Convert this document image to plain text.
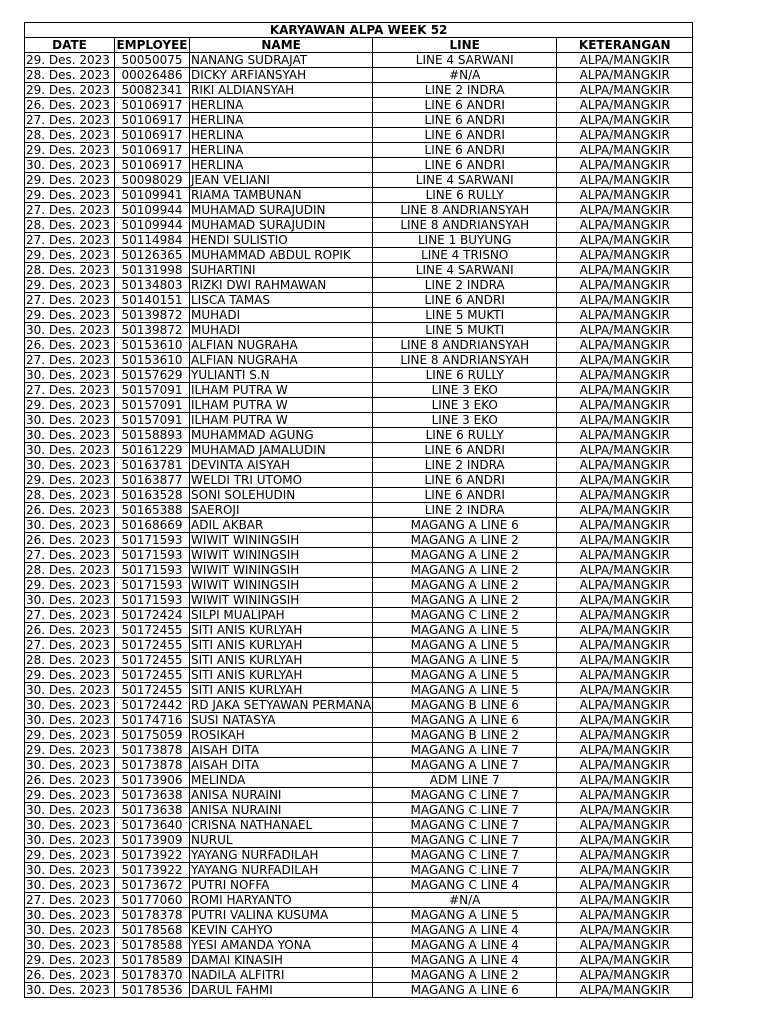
KARYAWAN ALPA WEEK 52				
DATE	EMPLOYEE	NAME	LINE	KETERANGAN
29. Des. 2023	50050075	NANANG SUDRAJAT	LINE 4 SARWANI	ALPA/MANGKIR
28. Des. 2023	00026486	DICKY ARFIANSYAH	#N/A	ALPA/MANGKIR
29. Des. 2023	50082341	RIKI ALDIANSYAH	LINE 2 INDRA	ALPA/MANGKIR
26. Des. 2023	50106917	HERLINA	LINE 6 ANDRI	ALPA/MANGKIR
27. Des. 2023	50106917	HERLINA	LINE 6 ANDRI	ALPA/MANGKIR
28. Des. 2023	50106917	HERLINA	LINE 6 ANDRI	ALPA/MANGKIR
29. Des. 2023	50106917	HERLINA	LINE 6 ANDRI	ALPA/MANGKIR
30. Des. 2023	50106917	HERLINA	LINE 6 ANDRI	ALPA/MANGKIR
29. Des. 2023	50098029	JEAN VELIANI	LINE 4 SARWANI	ALPA/MANGKIR
29. Des. 2023	50109941	RIAMA TAMBUNAN	LINE 6 RULLY	ALPA/MANGKIR
27. Des. 2023	50109944	MUHAMAD SURAJUDIN	LINE 8 ANDRIANSYAH	ALPA/MANGKIR
28. Des. 2023	50109944	MUHAMAD SURAJUDIN	LINE 8 ANDRIANSYAH	ALPA/MANGKIR
27. Des. 2023	50114984	HENDI SULISTIO	LINE 1 BUYUNG	ALPA/MANGKIR
29. Des. 2023	50126365	MUHAMMAD ABDUL ROPIK	LINE 4 TRISNO	ALPA/MANGKIR
28. Des. 2023	50131998	SUHARTINI	LINE 4 SARWANI	ALPA/MANGKIR
29. Des. 2023	50134803	RIZKI DWI RAHMAWAN	LINE 2 INDRA	ALPA/MANGKIR
27. Des. 2023	50140151	LISCA TAMAS	LINE 6 ANDRI	ALPA/MANGKIR
29. Des. 2023	50139872	MUHADI	LINE 5 MUKTI	ALPA/MANGKIR
30. Des. 2023	50139872	MUHADI	LINE 5 MUKTI	ALPA/MANGKIR
26. Des. 2023	50153610	ALFIAN NUGRAHA	LINE 8 ANDRIANSYAH	ALPA/MANGKIR
27. Des. 2023	50153610	ALFIAN NUGRAHA	LINE 8 ANDRIANSYAH	ALPA/MANGKIR
30. Des. 2023	50157629	YULIANTI S.N	LINE 6 RULLY	ALPA/MANGKIR
27. Des. 2023	50157091	ILHAM PUTRA W	LINE 3 EKO	ALPA/MANGKIR
29. Des. 2023	50157091	ILHAM PUTRA W	LINE 3 EKO	ALPA/MANGKIR
30. Des. 2023	50157091	ILHAM PUTRA W	LINE 3 EKO	ALPA/MANGKIR
30. Des. 2023	50158893	MUHAMMAD AGUNG	LINE 6 RULLY	ALPA/MANGKIR
30. Des. 2023	50161229	MUHAMAD JAMALUDIN	LINE 6 ANDRI	ALPA/MANGKIR
30. Des. 2023	50163781	DEVINTA AISYAH	LINE 2 INDRA	ALPA/MANGKIR
29. Des. 2023	50163877	WELDI TRI UTOMO	LINE 6 ANDRI	ALPA/MANGKIR
28. Des. 2023	50163528	SONI SOLEHUDIN	LINE 6 ANDRI	ALPA/MANGKIR
26. Des. 2023	50165388	SAEROJI	LINE 2 INDRA	ALPA/MANGKIR
30. Des. 2023	50168669	ADIL AKBAR	MAGANG A LINE 6	ALPA/MANGKIR
26. Des. 2023	50171593	WIWIT WININGSIH	MAGANG A LINE 2	ALPA/MANGKIR
27. Des. 2023	50171593	WIWIT WININGSIH	MAGANG A LINE 2	ALPA/MANGKIR
28. Des. 2023	50171593	WIWIT WININGSIH	MAGANG A LINE 2	ALPA/MANGKIR
29. Des. 2023	50171593	WIWIT WININGSIH	MAGANG A LINE 2	ALPA/MANGKIR
30. Des. 2023	50171593	WIWIT WININGSIH	MAGANG A LINE 2	ALPA/MANGKIR
27. Des. 2023	50172424	SILPI MUALIPAH	MAGANG C LINE 2	ALPA/MANGKIR
26. Des. 2023	50172455	SITI ANIS KURLYAH	MAGANG A LINE 5	ALPA/MANGKIR
27. Des. 2023	50172455	SITI ANIS KURLYAH	MAGANG A LINE 5	ALPA/MANGKIR
28. Des. 2023	50172455	SITI ANIS KURLYAH	MAGANG A LINE 5	ALPA/MANGKIR
29. Des. 2023	50172455	SITI ANIS KURLYAH	MAGANG A LINE 5	ALPA/MANGKIR
30. Des. 2023	50172455	SITI ANIS KURLYAH	MAGANG A LINE 5	ALPA/MANGKIR
30. Des. 2023	50172442	RD JAKA SETYAWAN PERMANA	MAGANG B LINE 6	ALPA/MANGKIR
30. Des. 2023	50174716	SUSI NATASYA	MAGANG A LINE 6	ALPA/MANGKIR
29. Des. 2023	50175059	ROSIKAH	MAGANG B LINE 2	ALPA/MANGKIR
29. Des. 2023	50173878	AISAH DITA	MAGANG A LINE 7	ALPA/MANGKIR
30. Des. 2023	50173878	AISAH DITA	MAGANG A LINE 7	ALPA/MANGKIR
26. Des. 2023	50173906	MELINDA	ADM LINE 7	ALPA/MANGKIR
29. Des. 2023	50173638	ANISA NURAINI	MAGANG C LINE 7	ALPA/MANGKIR
30. Des. 2023	50173638	ANISA NURAINI	MAGANG C LINE 7	ALPA/MANGKIR
30. Des. 2023	50173640	CRISNA NATHANAEL	MAGANG C LINE 7	ALPA/MANGKIR
30. Des. 2023	50173909	NURUL	MAGANG C LINE 7	ALPA/MANGKIR
29. Des. 2023	50173922	YAYANG NURFADILAH	MAGANG C LINE 7	ALPA/MANGKIR
30. Des. 2023	50173922	YAYANG NURFADILAH	MAGANG C LINE 7	ALPA/MANGKIR
30. Des. 2023	50173672	PUTRI NOFFA	MAGANG C LINE 4	ALPA/MANGKIR
27. Des. 2023	50177060	ROMI HARYANTO	#N/A	ALPA/MANGKIR
30. Des. 2023	50178378	PUTRI VALINA KUSUMA	MAGANG A LINE 5	ALPA/MANGKIR
30. Des. 2023	50178568	KEVIN CAHYO	MAGANG A LINE 4	ALPA/MANGKIR
30. Des. 2023	50178588	YESI AMANDA YONA	MAGANG A LINE 4	ALPA/MANGKIR
29. Des. 2023	50178589	DAMAI KINASIH	MAGANG A LINE 4	ALPA/MANGKIR
26. Des. 2023	50178370	NADILA ALFITRI	MAGANG A LINE 2	ALPA/MANGKIR
30. Des. 2023	50178536	DARUL FAHMI	MAGANG A LINE 6	ALPA/MANGKIR
